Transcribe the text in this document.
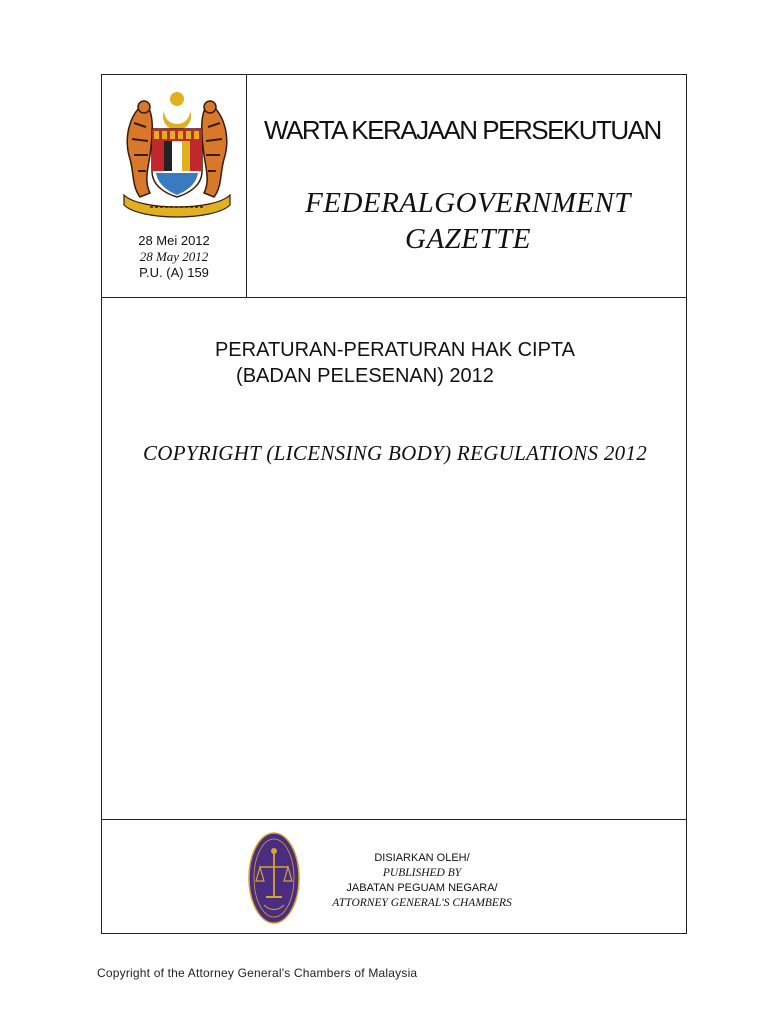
28 Mei 2012
28 May 2012
P.U. (A) 159
WARTA KERAJAAN PERSEKUTUAN
FEDERALGOVERNMENT
GAZETTE
PERATURAN-PERATURAN HAK CIPTA
(BADAN PELESENAN) 2012
COPYRIGHT (LICENSING BODY) REGULATIONS 2012
DISIARKAN OLEH/
PUBLISHED BY
JABATAN PEGUAM NEGARA/
ATTORNEY GENERAL'S CHAMBERS
Copyright of the Attorney General's Chambers of Malaysia
